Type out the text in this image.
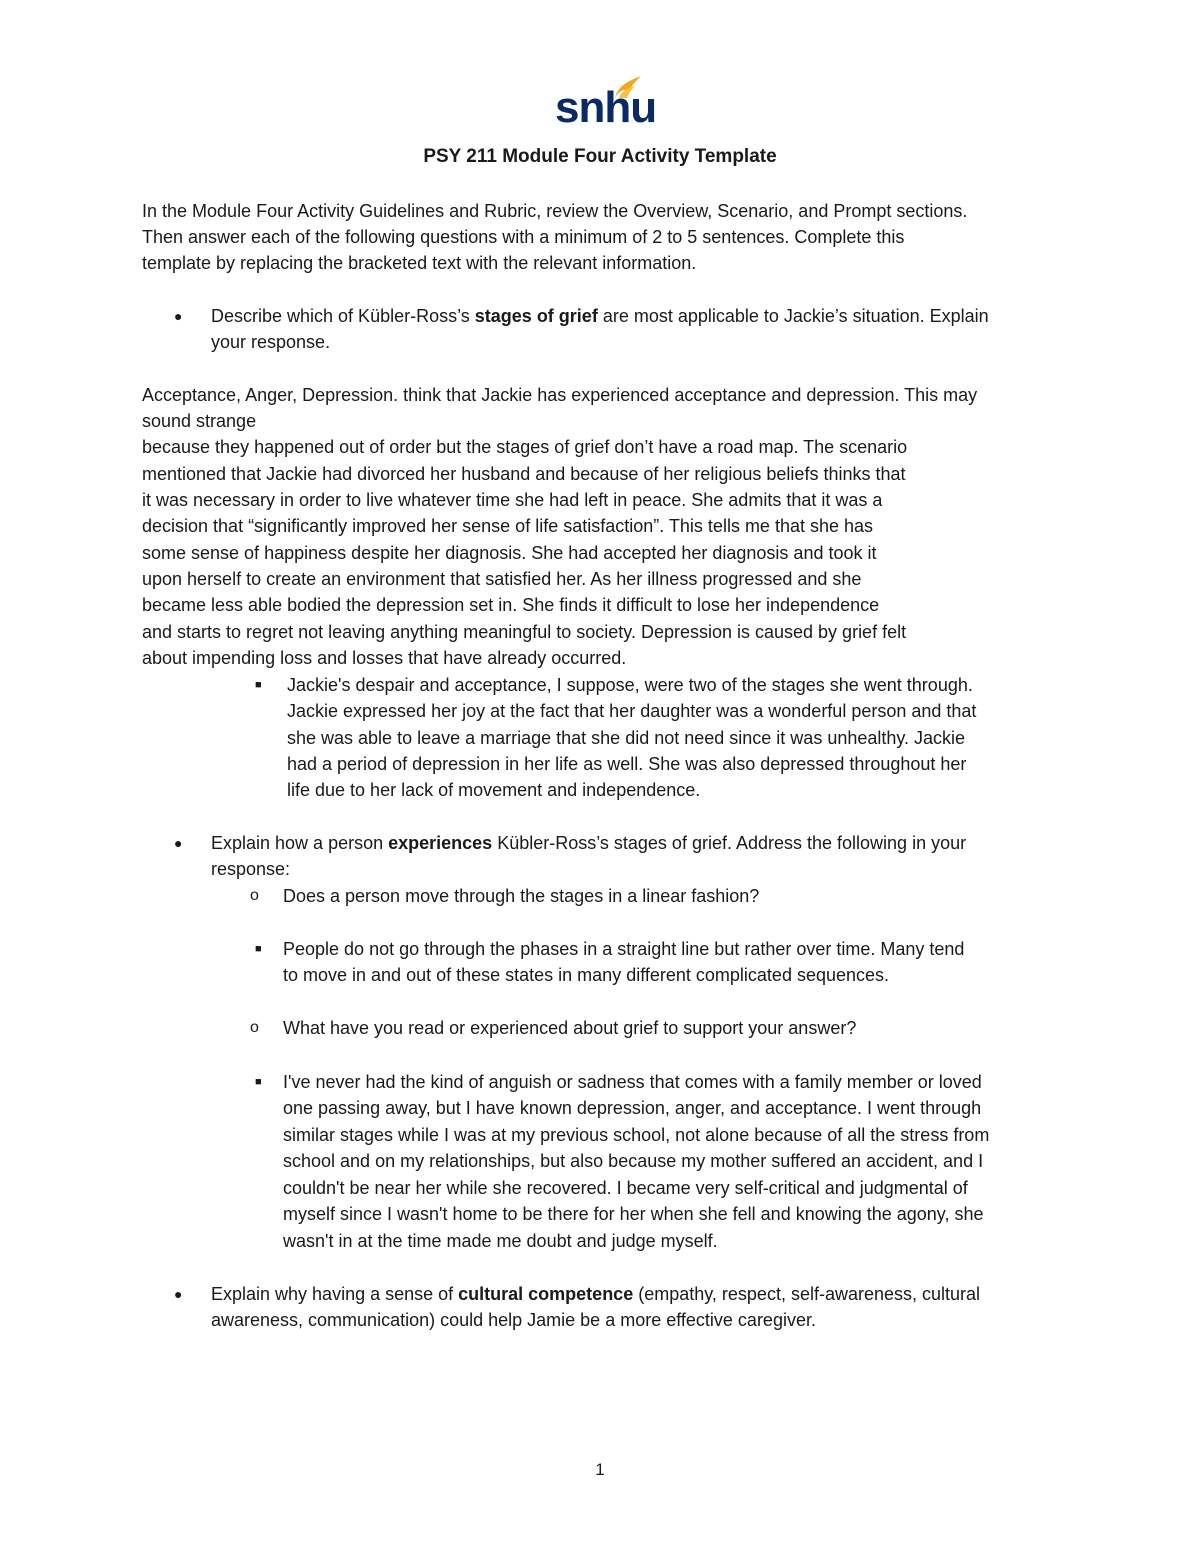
snhu
PSY 211 Module Four Activity Template
In the Module Four Activity Guidelines and Rubric, review the Overview, Scenario, and Prompt sections.
Then answer each of the following questions with a minimum of 2 to 5 sentences. Complete this
template by replacing the bracketed text with the relevant information.
● Describe which of Kübler-Ross’s stages of grief are most applicable to Jackie’s situation. Explain
your response.
Acceptance, Anger, Depression. think that Jackie has experienced acceptance and depression. This may
sound strange
because they happened out of order but the stages of grief don’t have a road map. The scenario
mentioned that Jackie had divorced her husband and because of her religious beliefs thinks that
it was necessary in order to live whatever time she had left in peace. She admits that it was a
decision that “significantly improved her sense of life satisfaction”. This tells me that she has
some sense of happiness despite her diagnosis. She had accepted her diagnosis and took it
upon herself to create an environment that satisfied her. As her illness progressed and she
became less able bodied the depression set in. She finds it difficult to lose her independence
and starts to regret not leaving anything meaningful to society. Depression is caused by grief felt
about impending loss and losses that have already occurred.
■ Jackie's despair and acceptance, I suppose, were two of the stages she went through.
Jackie expressed her joy at the fact that her daughter was a wonderful person and that
she was able to leave a marriage that she did not need since it was unhealthy. Jackie
had a period of depression in her life as well. She was also depressed throughout her
life due to her lack of movement and independence.
● Explain how a person experiences Kübler-Ross’s stages of grief. Address the following in your
response:
o Does a person move through the stages in a linear fashion?
■ People do not go through the phases in a straight line but rather over time. Many tend
to move in and out of these states in many different complicated sequences.
o What have you read or experienced about grief to support your answer?
■ I've never had the kind of anguish or sadness that comes with a family member or loved
one passing away, but I have known depression, anger, and acceptance. I went through
similar stages while I was at my previous school, not alone because of all the stress from
school and on my relationships, but also because my mother suffered an accident, and I
couldn't be near her while she recovered. I became very self-critical and judgmental of
myself since I wasn't home to be there for her when she fell and knowing the agony, she
wasn't in at the time made me doubt and judge myself.
● Explain why having a sense of cultural competence (empathy, respect, self-awareness, cultural
awareness, communication) could help Jamie be a more effective caregiver.
1
